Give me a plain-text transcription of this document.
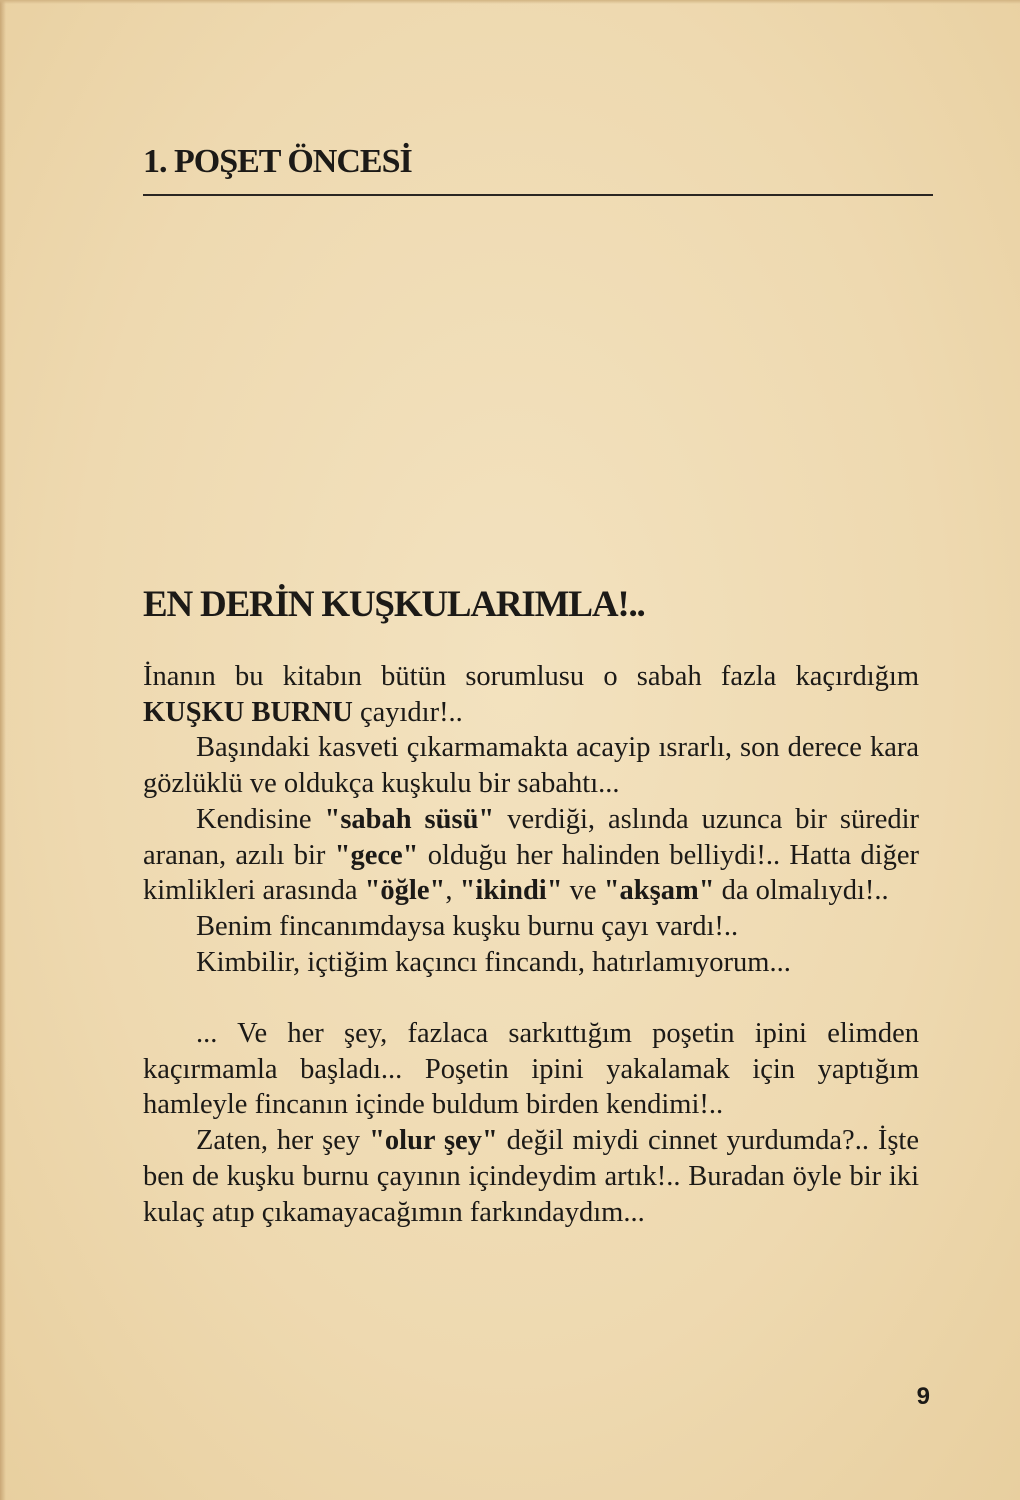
1. POŞET ÖNCESİ
EN DERİN KUŞKULARIMLA!..

İnanın bu kitabın bütün sorumlusu o sabah fazla kaçırdığım KUŞKU BURNU çayıdır!..

Başındaki kasveti çıkarmamakta acayip ısrarlı, son derece kara gözlüklü ve oldukça kuşkulu bir sabahtı...

Kendisine "sabah süsü" verdiği, aslında uzunca bir süredir aranan, azılı bir "gece" olduğu her halinden belliydi!.. Hatta diğer kimlikleri arasında "öğle", "ikindi" ve "akşam" da olmalıydı!..

Benim fincanımdaysa kuşku burnu çayı vardı!..

Kimbilir, içtiğim kaçıncı fincandı, hatırlamıyorum...

... Ve her şey, fazlaca sarkıttığım poşetin ipini elimden kaçırmamla başladı... Poşetin ipini yakalamak için yaptığım hamleyle fincanın içinde buldum birden kendimi!..

Zaten, her şey "olur şey" değil miydi cinnet yurdumda?.. İşte ben de kuşku burnu çayının içindeydim artık!.. Buradan öyle bir iki kulaç atıp çıkamayacağımın farkındaydım...

9
